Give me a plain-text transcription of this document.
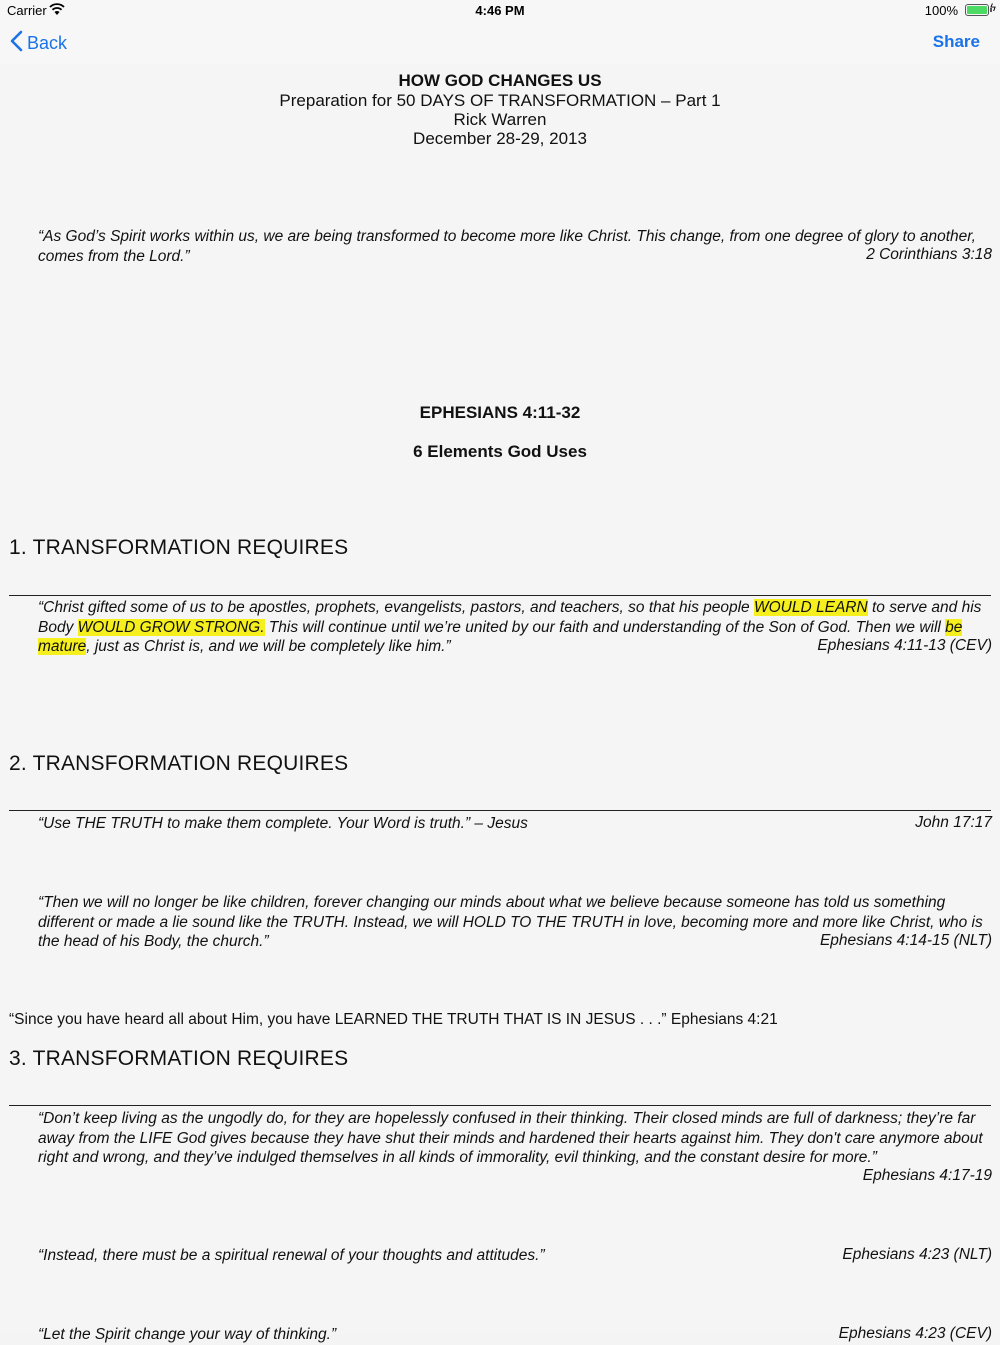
Carrier	4:46 PM	100%	ϟ
Back	Share
HOW GOD CHANGES US
Preparation for 50 DAYS OF TRANSFORMATION – Part 1
Rick Warren
December 28-29, 2013
“As God’s Spirit works within us, we are being transformed to become more like Christ. This change, from one degree of glory to another, comes from the Lord.”	2 Corinthians 3:18
EPHESIANS 4:11-32
6 Elements God Uses
1. TRANSFORMATION REQUIRES
“Christ gifted some of us to be apostles, prophets, evangelists, pastors, and teachers, so that his people WOULD LEARN to serve and his Body WOULD GROW STRONG. This will continue until we’re united by our faith and understanding of the Son of God. Then we will be mature, just as Christ is, and we will be completely like him.”	Ephesians 4:11-13 (CEV)
2. TRANSFORMATION REQUIRES
“Use THE TRUTH to make them complete. Your Word is truth.” – Jesus	John 17:17
“Then we will no longer be like children, forever changing our minds about what we believe because someone has told us something different or made a lie sound like the TRUTH. Instead, we will HOLD TO THE TRUTH in love, becoming more and more like Christ, who is the head of his Body, the church.”	Ephesians 4:14-15 (NLT)
“Since you have heard all about Him, you have LEARNED THE TRUTH THAT IS IN JESUS . . .” Ephesians 4:21
3. TRANSFORMATION REQUIRES
“Don’t keep living as the ungodly do, for they are hopelessly confused in their thinking. Their closed minds are full of darkness; they’re far away from the LIFE God gives because they have shut their minds and hardened their hearts against him. They don't care anymore about right and wrong, and they’ve indulged themselves in all kinds of immorality, evil thinking, and the constant desire for more.”
Ephesians 4:17-19
“Instead, there must be a spiritual renewal of your thoughts and attitudes.”	Ephesians 4:23 (NLT)
“Let the Spirit change your way of thinking.”	Ephesians 4:23 (CEV)
